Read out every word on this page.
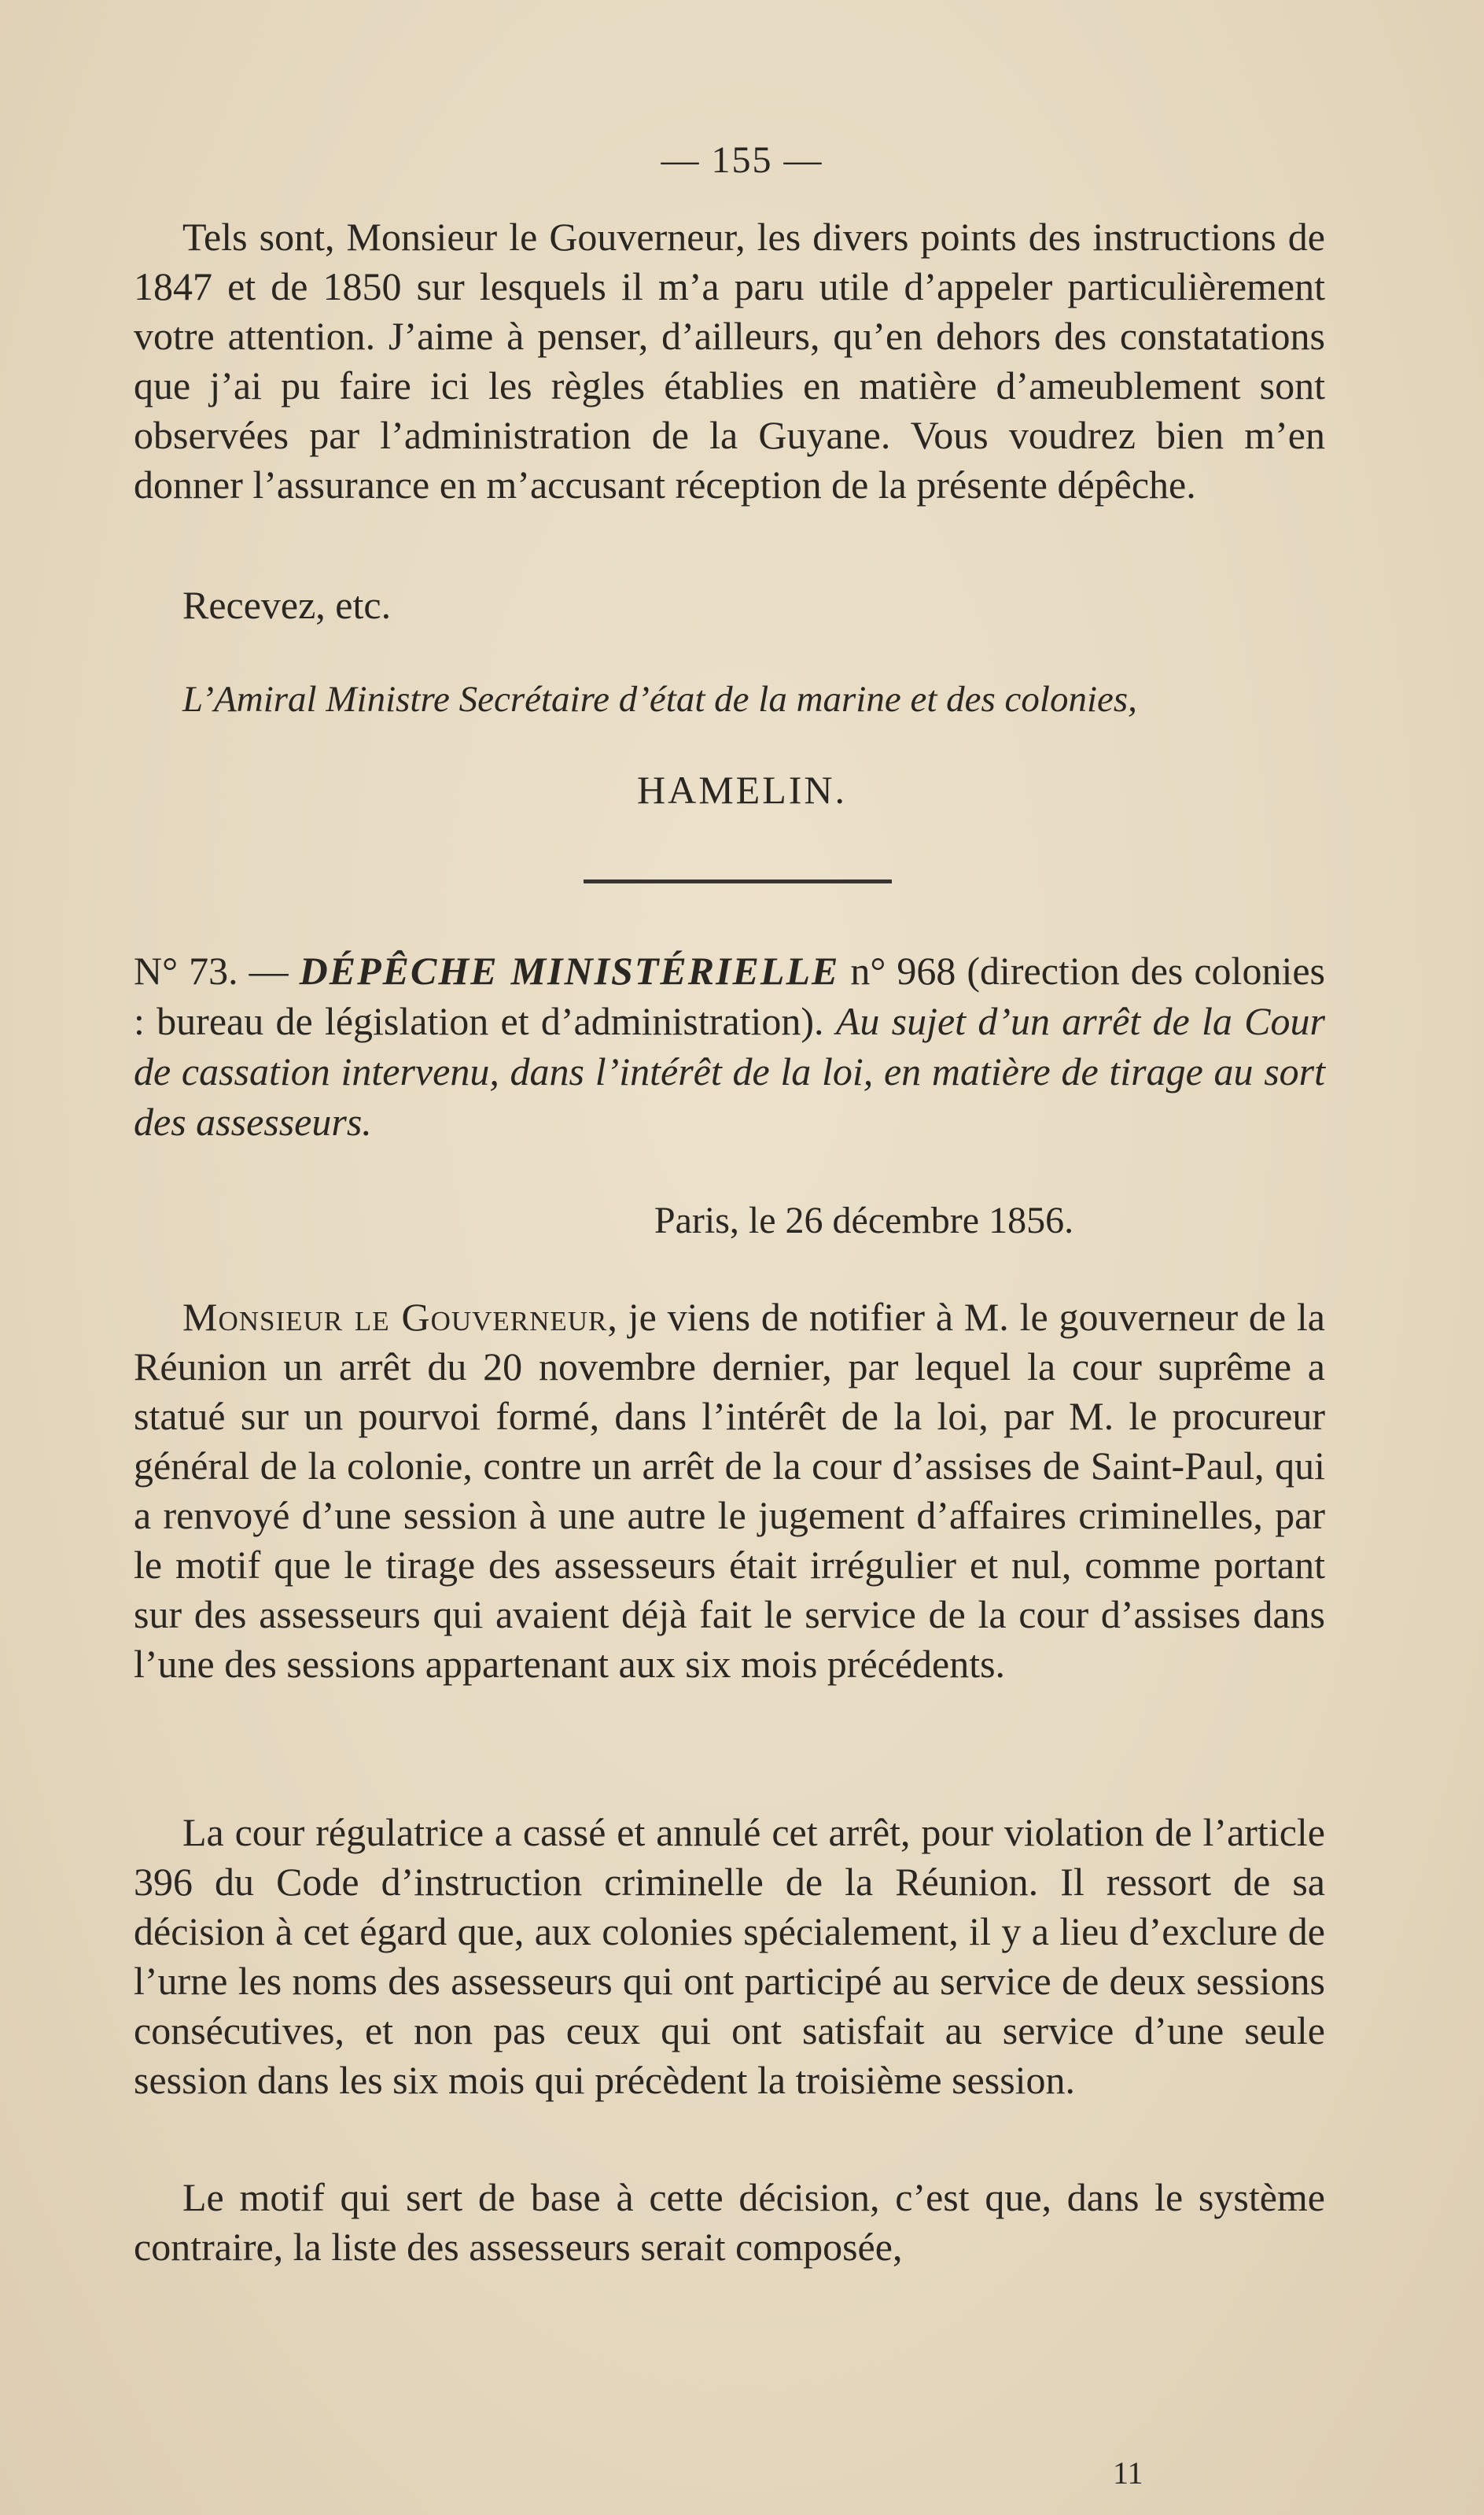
— 155 —

Tels sont, Monsieur le Gouverneur, les divers points des instructions de 1847 et de 1850 sur lesquels il m’a paru utile d’appeler particulièrement votre attention. J’aime à penser, d’ailleurs, qu’en dehors des constatations que j’ai pu faire ici les règles établies en matière d’ameublement sont observées par l’administration de la Guyane. Vous voudrez bien m’en donner l’assurance en m’accusant réception de la présente dépêche.

Recevez, etc.
L’Amiral Ministre Secrétaire d’état de la marine et des colonies,
HAMELIN.
N° 73. — DÉPÊCHE MINISTÉRIELLE n° 968 (direction des colonies : bureau de législation et d’administration). Au sujet d’un arrêt de la Cour de cassation intervenu, dans l’intérêt de la loi, en matière de tirage au sort des assesseurs.
Paris, le 26 décembre 1856.

Monsieur le Gouverneur, je viens de notifier à M. le gouverneur de la Réunion un arrêt du 20 novembre dernier, par lequel la cour suprême a statué sur un pourvoi formé, dans l’intérêt de la loi, par M. le procureur général de la colonie, contre un arrêt de la cour d’assises de Saint-Paul, qui a renvoyé d’une session à une autre le jugement d’affaires criminelles, par le motif que le tirage des assesseurs était irrégulier et nul, comme portant sur des assesseurs qui avaient déjà fait le service de la cour d’assises dans l’une des sessions appartenant aux six mois précédents.

La cour régulatrice a cassé et annulé cet arrêt, pour violation de l’article 396 du Code d’instruction criminelle de la Réunion. Il ressort de sa décision à cet égard que, aux colonies spécialement, il y a lieu d’exclure de l’urne les noms des assesseurs qui ont participé au service de deux sessions consécutives, et non pas ceux qui ont satisfait au service d’une seule session dans les six mois qui précèdent la troisième session.

Le motif qui sert de base à cette décision, c’est que, dans le système contraire, la liste des assesseurs serait composée,

11
